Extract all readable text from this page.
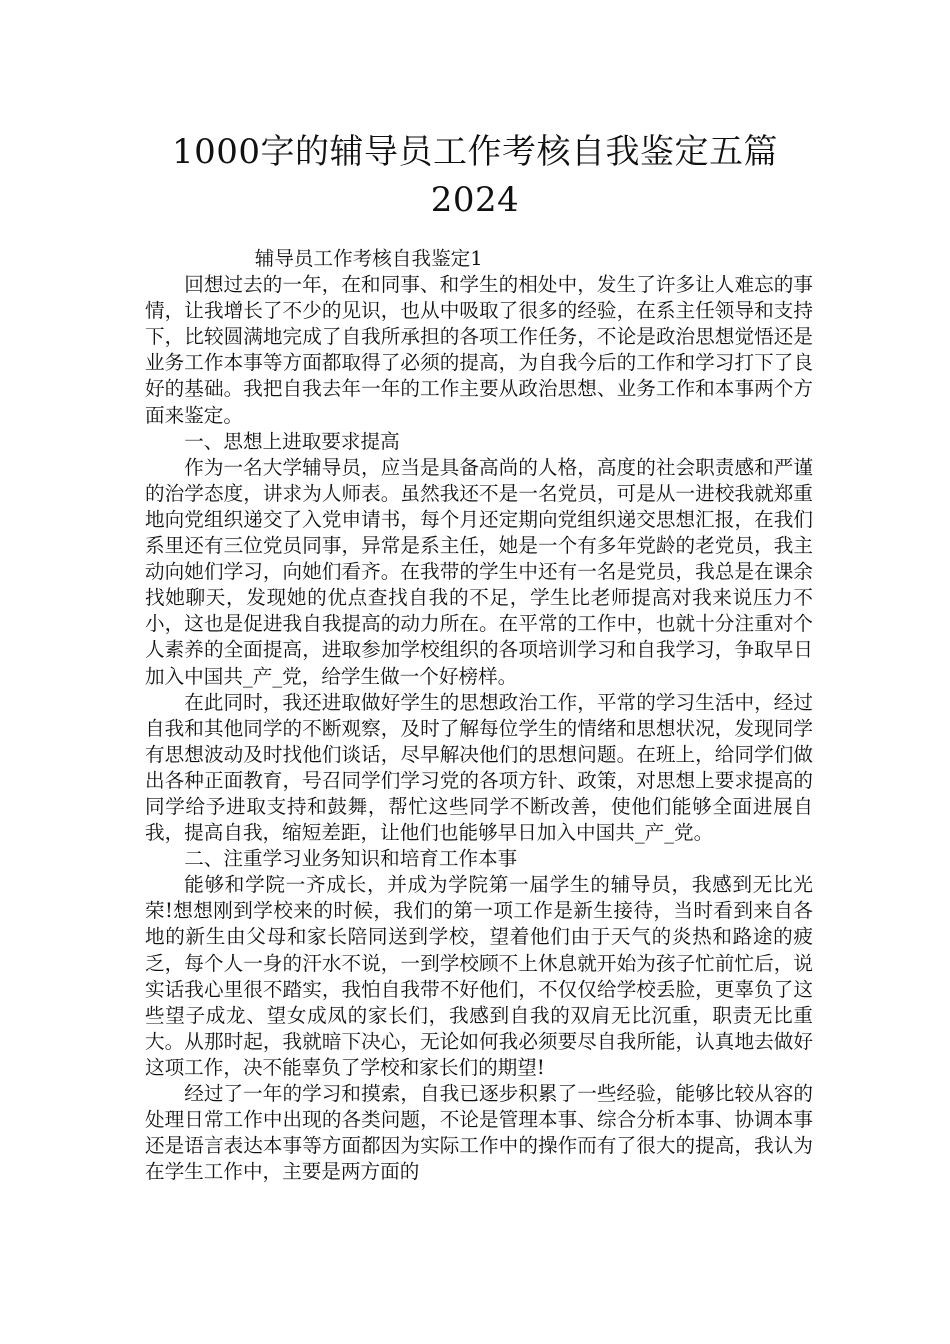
1000字的辅导员工作考核自我鉴定五篇
2024

辅导员工作考核自我鉴定1

回想过去的一年，在和同事、和学生的相处中，发生了许多让人难忘的事情，让我增长了不少的见识，也从中吸取了很多的经验，在系主任领导和支持下，比较圆满地完成了自我所承担的各项工作任务，不论是政治思想觉悟还是业务工作本事等方面都取得了必须的提高，为自我今后的工作和学习打下了良好的基础。我把自我去年一年的工作主要从政治思想、业务工作和本事两个方面来鉴定。

一、思想上进取要求提高

作为一名大学辅导员，应当是具备高尚的人格，高度的社会职责感和严谨的治学态度，讲求为人师表。虽然我还不是一名党员，可是从一进校我就郑重地向党组织递交了入党申请书，每个月还定期向党组织递交思想汇报，在我们系里还有三位党员同事，异常是系主任，她是一个有多年党龄的老党员，我主动向她们学习，向她们看齐。在我带的学生中还有一名是党员，我总是在课余找她聊天，发现她的优点查找自我的不足，学生比老师提高对我来说压力不小，这也是促进我自我提高的动力所在。在平常的工作中，也就十分注重对个人素养的全面提高，进取参加学校组织的各项培训学习和自我学习，争取早日加入中国共_产_党，给学生做一个好榜样。

在此同时，我还进取做好学生的思想政治工作，平常的学习生活中，经过自我和其他同学的不断观察，及时了解每位学生的情绪和思想状况，发现同学有思想波动及时找他们谈话，尽早解决他们的思想问题。在班上，给同学们做出各种正面教育，号召同学们学习党的各项方针、政策，对思想上要求提高的同学给予进取支持和鼓舞，帮忙这些同学不断改善，使他们能够全面进展自我，提高自我，缩短差距，让他们也能够早日加入中国共_产_党。

二、注重学习业务知识和培育工作本事

能够和学院一齐成长，并成为学院第一届学生的辅导员，我感到无比光荣!想想刚到学校来的时候，我们的第一项工作是新生接待，当时看到来自各地的新生由父母和家长陪同送到学校，望着他们由于天气的炎热和路途的疲乏，每个人一身的汗水不说，一到学校顾不上休息就开始为孩子忙前忙后，说实话我心里很不踏实，我怕自我带不好他们，不仅仅给学校丢脸，更辜负了这些望子成龙、望女成凤的家长们，我感到自我的双肩无比沉重，职责无比重大。从那时起，我就暗下决心，无论如何我必须要尽自我所能，认真地去做好这项工作，决不能辜负了学校和家长们的期望!

经过了一年的学习和摸索，自我已逐步积累了一些经验，能够比较从容的处理日常工作中出现的各类问题，不论是管理本事、综合分析本事、协调本事还是语言表达本事等方面都因为实际工作中的操作而有了很大的提高，我认为在学生工作中，主要是两方面的
